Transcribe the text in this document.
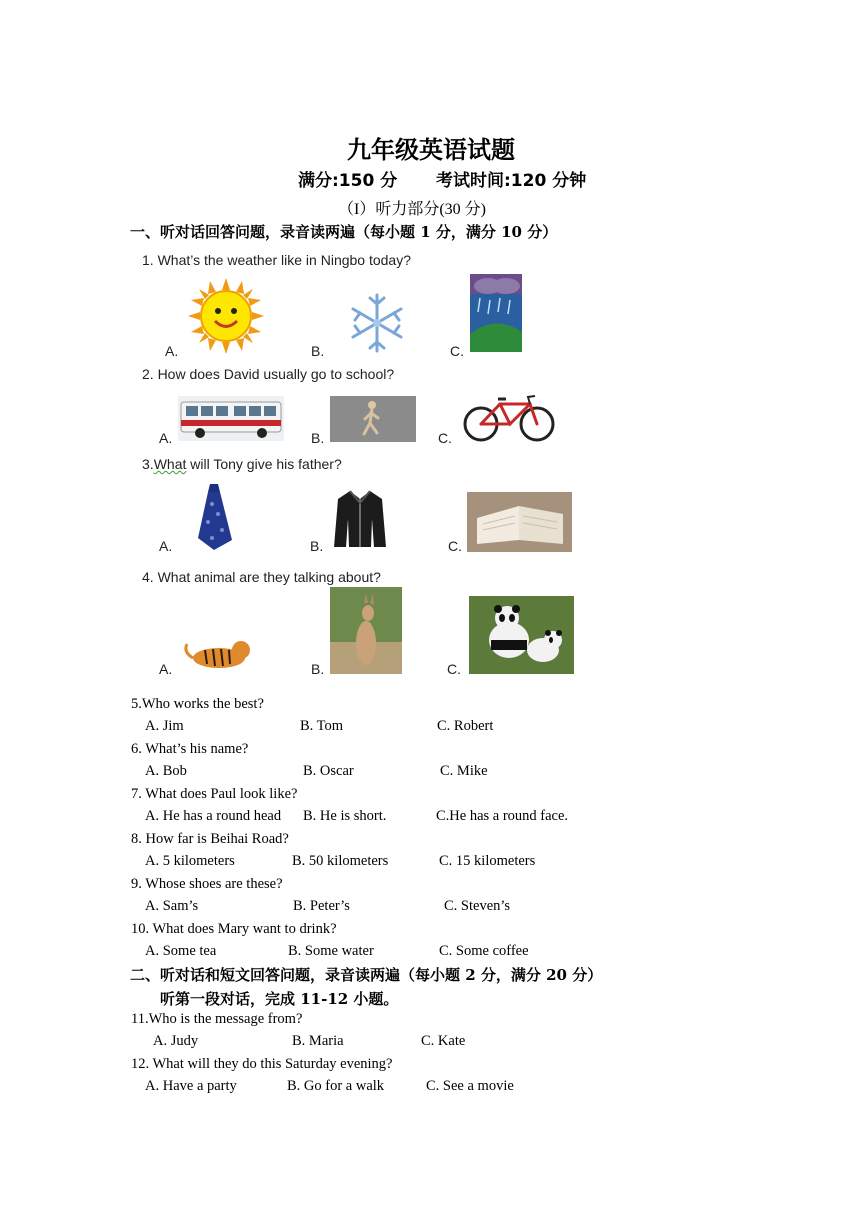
九年级英语试题
满分:150 分 考试时间:120 分钟
（I）听力部分(30 分)
一、听对话回答问题，录音读两遍（每小题 1 分，满分 10 分）
1. What’s the weather like in Ningbo today?
A.	B.	C.
2. How does David usually go to school?
A.	B.	C.
3.What will Tony give his father?
A.	B.	C.
4. What animal are they talking about?
A.	B.	C.
5.Who works the best?
A. Jim	B. Tom	C. Robert
6. What’s his name?
A. Bob	B. Oscar	C. Mike
7. What does Paul look like?
A. He has a round head B. He is short.	C.He has a round face.
8. How far is Beihai Road?
A. 5 kilometers	B. 50 kilometers	C. 15 kilometers
9. Whose shoes are these?
A. Sam’s	B. Peter’s	C. Steven’s
10. What does Mary want to drink?
A. Some tea	B. Some water	C. Some coffee
二、听对话和短文回答问题，录音读两遍（每小题 2 分，满分 20 分）
听第一段对话，完成 11-12 小题。
11.Who is the message from?
A. Judy	B. Maria	C. Kate
12. What will they do this Saturday evening?
A. Have a party	B. Go for a walk	C. See a movie
